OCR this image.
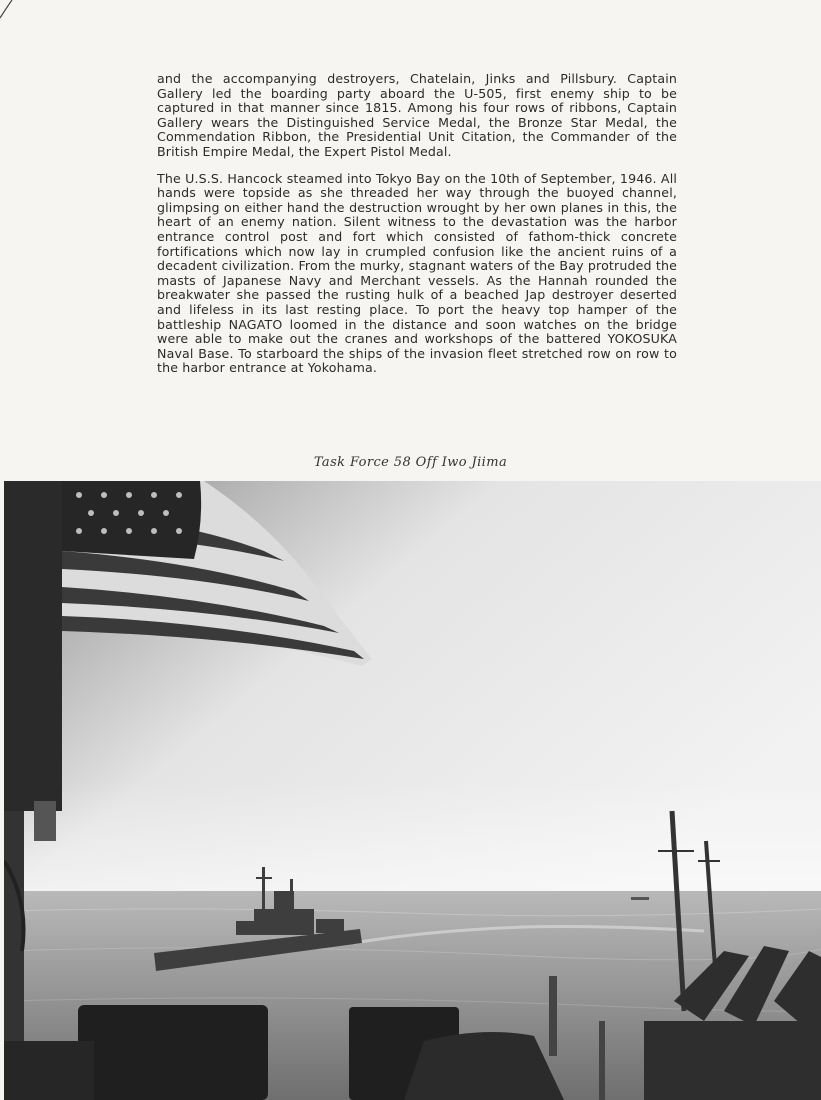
and the accompanying destroyers, Chatelain, Jinks and Pillsbury. Captain Gallery led the boarding party aboard the U-505, first enemy ship to be captured in that manner since 1815. Among his four rows of ribbons, Captain Gallery wears the Distinguished Service Medal, the Bronze Star Medal, the Commendation Ribbon, the Presidential Unit Citation, the Commander of the British Empire Medal, the Expert Pistol Medal.

The U.S.S. Hancock steamed into Tokyo Bay on the 10th of September, 1946. All hands were topside as she threaded her way through the buoyed channel, glimpsing on either hand the destruction wrought by her own planes in this, the heart of an enemy nation. Silent witness to the devastation was the harbor entrance control post and fort which consisted of fathom-thick concrete fortifications which now lay in crumpled confusion like the ancient ruins of a decadent civilization. From the murky, stagnant waters of the Bay protruded the masts of Japanese Navy and Merchant vessels. As the Hannah rounded the breakwater she passed the rusting hulk of a beached Jap destroyer deserted and lifeless in its last resting place. To port the heavy top hamper of the battleship NAGATO loomed in the distance and soon watches on the bridge were able to make out the cranes and workshops of the battered YOKOSUKA Naval Base. To starboard the ships of the invasion fleet stretched row on row to the harbor entrance at Yokohama.

Task Force 58 Off Iwo Jiima
